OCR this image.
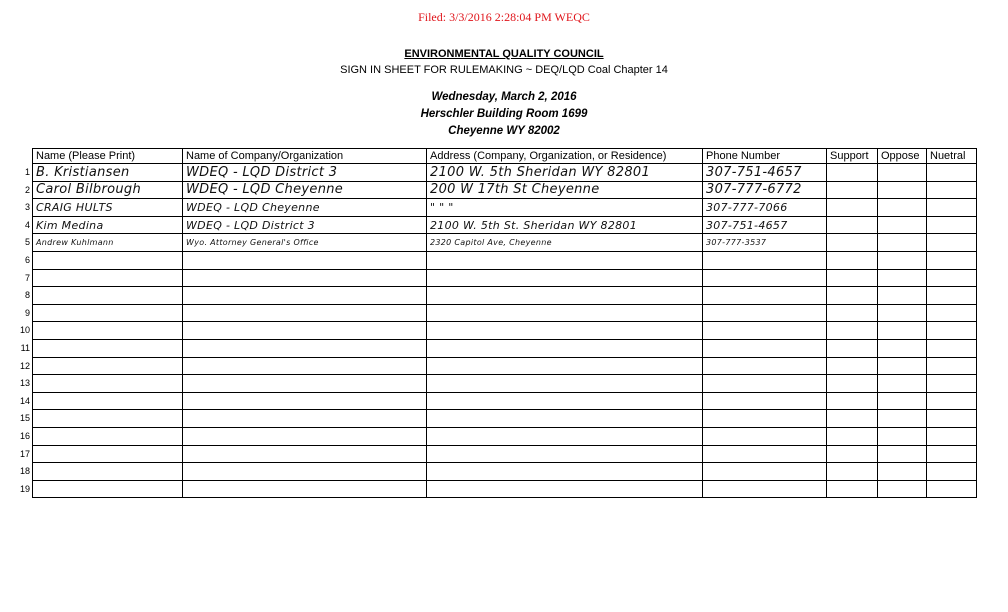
Filed: 3/3/2016 2:28:04 PM WEQC
ENVIRONMENTAL QUALITY COUNCIL
SIGN IN SHEET FOR RULEMAKING ~ DEQ/LQD Coal Chapter 14
Wednesday, March 2, 2016
Herschler Building Room 1699
Cheyenne WY 82002
1
2
3
4
5
6
7
8
9
10
11
12
13
14
15
16
17
18
19
Name (Please Print)	Name of Company/Organization	Address (Company, Organization, or Residence)	Phone Number	Support	Oppose	Nuetral
B. Kristiansen	WDEQ - LQD District 3	2100 W. 5th Sheridan WY 82801	307-751-4657			
Carol Bilbrough	WDEQ - LQD Cheyenne	200 W 17th St Cheyenne	307-777-6772			
CRAIG HULTS	WDEQ - LQD Cheyenne	" " "	307-777-7066			
Kim Medina	WDEQ - LQD District 3	2100 W. 5th St. Sheridan WY 82801	307-751-4657			
Andrew Kuhlmann	Wyo. Attorney General's Office	2320 Capitol Ave, Cheyenne	307-777-3537			
